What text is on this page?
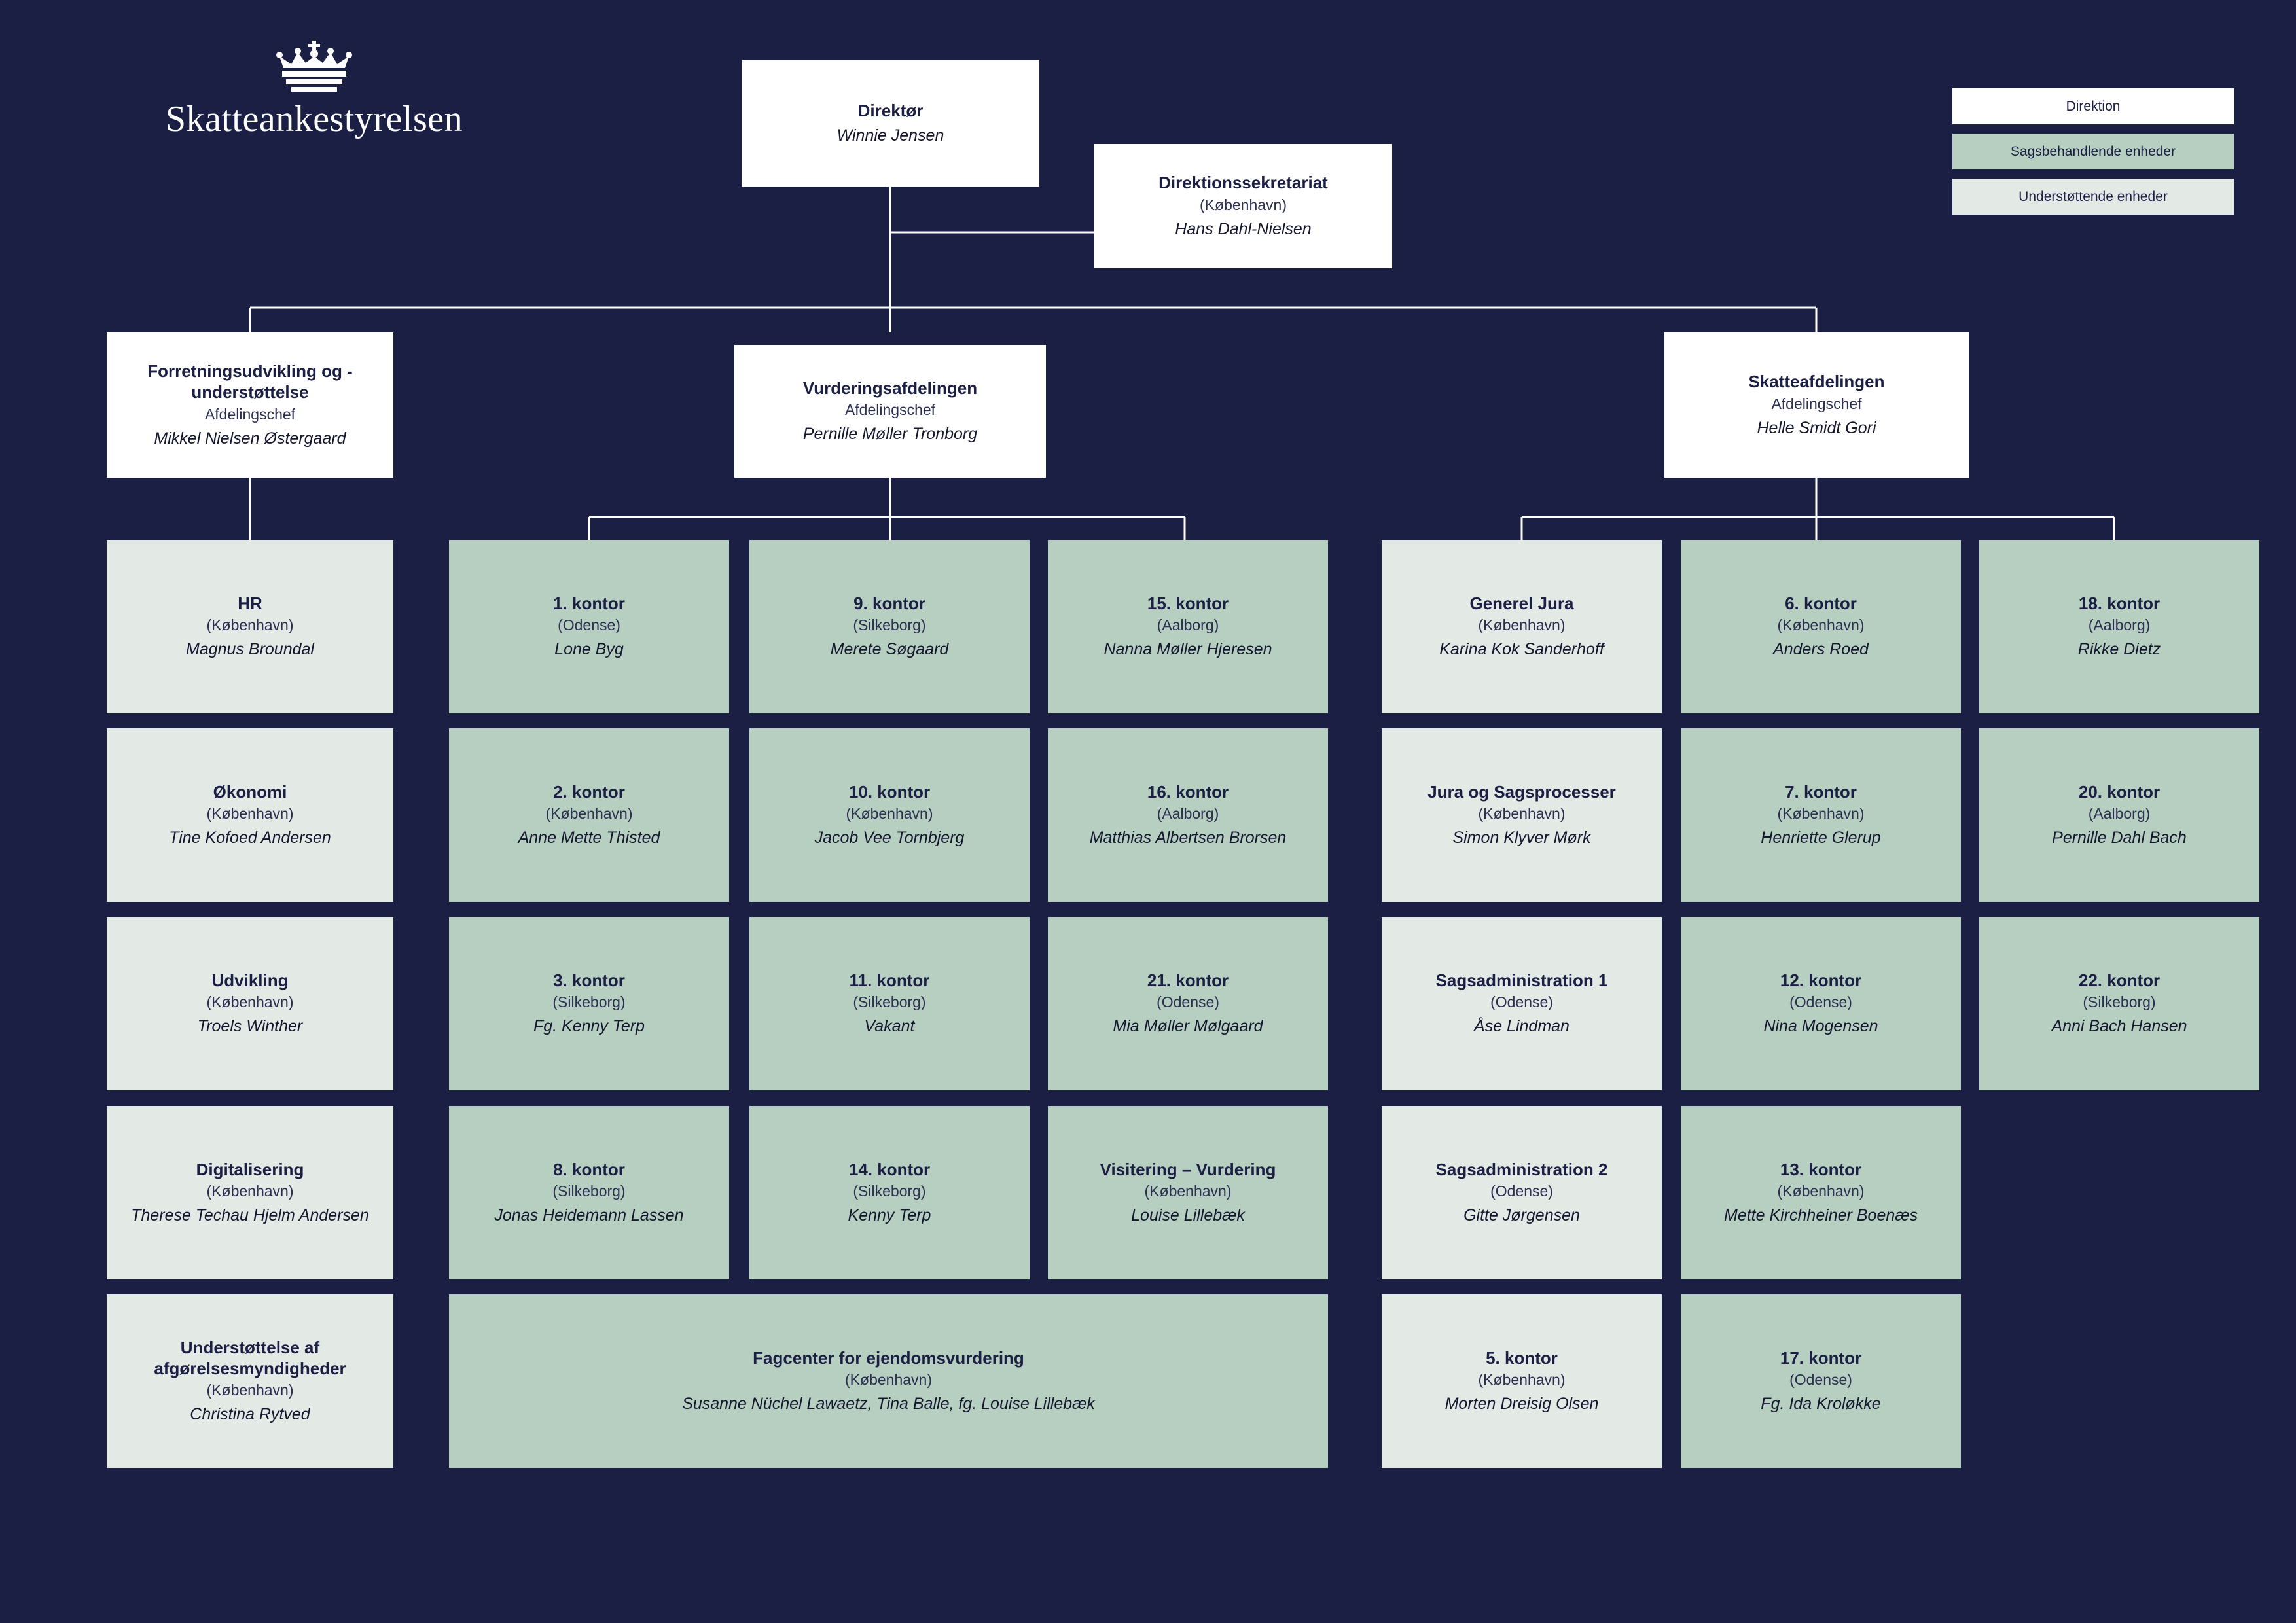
Skatteankestyrelsen	Direktion
Sagsbehandlende enheder
Understøttende enheder
Direktør
Winnie Jensen
Direktionssekretariat
(København)
Hans Dahl-Nielsen
Forretningsudvikling og -understøttelse
Afdelingschef
Mikkel Nielsen Østergaard
Vurderingsafdelingen
Afdelingschef
Pernille Møller Tronborg
Skatteafdelingen
Afdelingschef
Helle Smidt Gori
HR
(København)
Magnus Broundal
Økonomi
(København)
Tine Kofoed Andersen
Udvikling
(København)
Troels Winther
Digitalisering
(København)
Therese Techau Hjelm Andersen
Understøttelse af afgørelsesmyndigheder
(København)
Christina Rytved
1. kontor
(Odense)
Lone Byg
9. kontor
(Silkeborg)
Merete Søgaard
15. kontor
(Aalborg)
Nanna Møller Hjeresen
2. kontor
(København)
Anne Mette Thisted
10. kontor
(København)
Jacob Vee Tornbjerg
16. kontor
(Aalborg)
Matthias Albertsen Brorsen
3. kontor
(Silkeborg)
Fg. Kenny Terp
11. kontor
(Silkeborg)
Vakant
21. kontor
(Odense)
Mia Møller Mølgaard
8. kontor
(Silkeborg)
Jonas Heidemann Lassen
14. kontor
(Silkeborg)
Kenny Terp
Visitering – Vurdering
(København)
Louise Lillebæk
Fagcenter for ejendomsvurdering
(København)
Susanne Nüchel Lawaetz, Tina Balle, fg. Louise Lillebæk
Generel Jura
(København)
Karina Kok Sanderhoff
Jura og Sagsprocesser
(København)
Simon Klyver Mørk
Sagsadministration 1
(Odense)
Åse Lindman
Sagsadministration 2
(Odense)
Gitte Jørgensen
5. kontor
(København)
Morten Dreisig Olsen
6. kontor
(København)
Anders Roed
7. kontor
(København)
Henriette Glerup
12. kontor
(Odense)
Nina Mogensen
13. kontor
(København)
Mette Kirchheiner Boenæs
17. kontor
(Odense)
Fg. Ida Kroløkke
18. kontor
(Aalborg)
Rikke Dietz
20. kontor
(Aalborg)
Pernille Dahl Bach
22. kontor
(Silkeborg)
Anni Bach Hansen
